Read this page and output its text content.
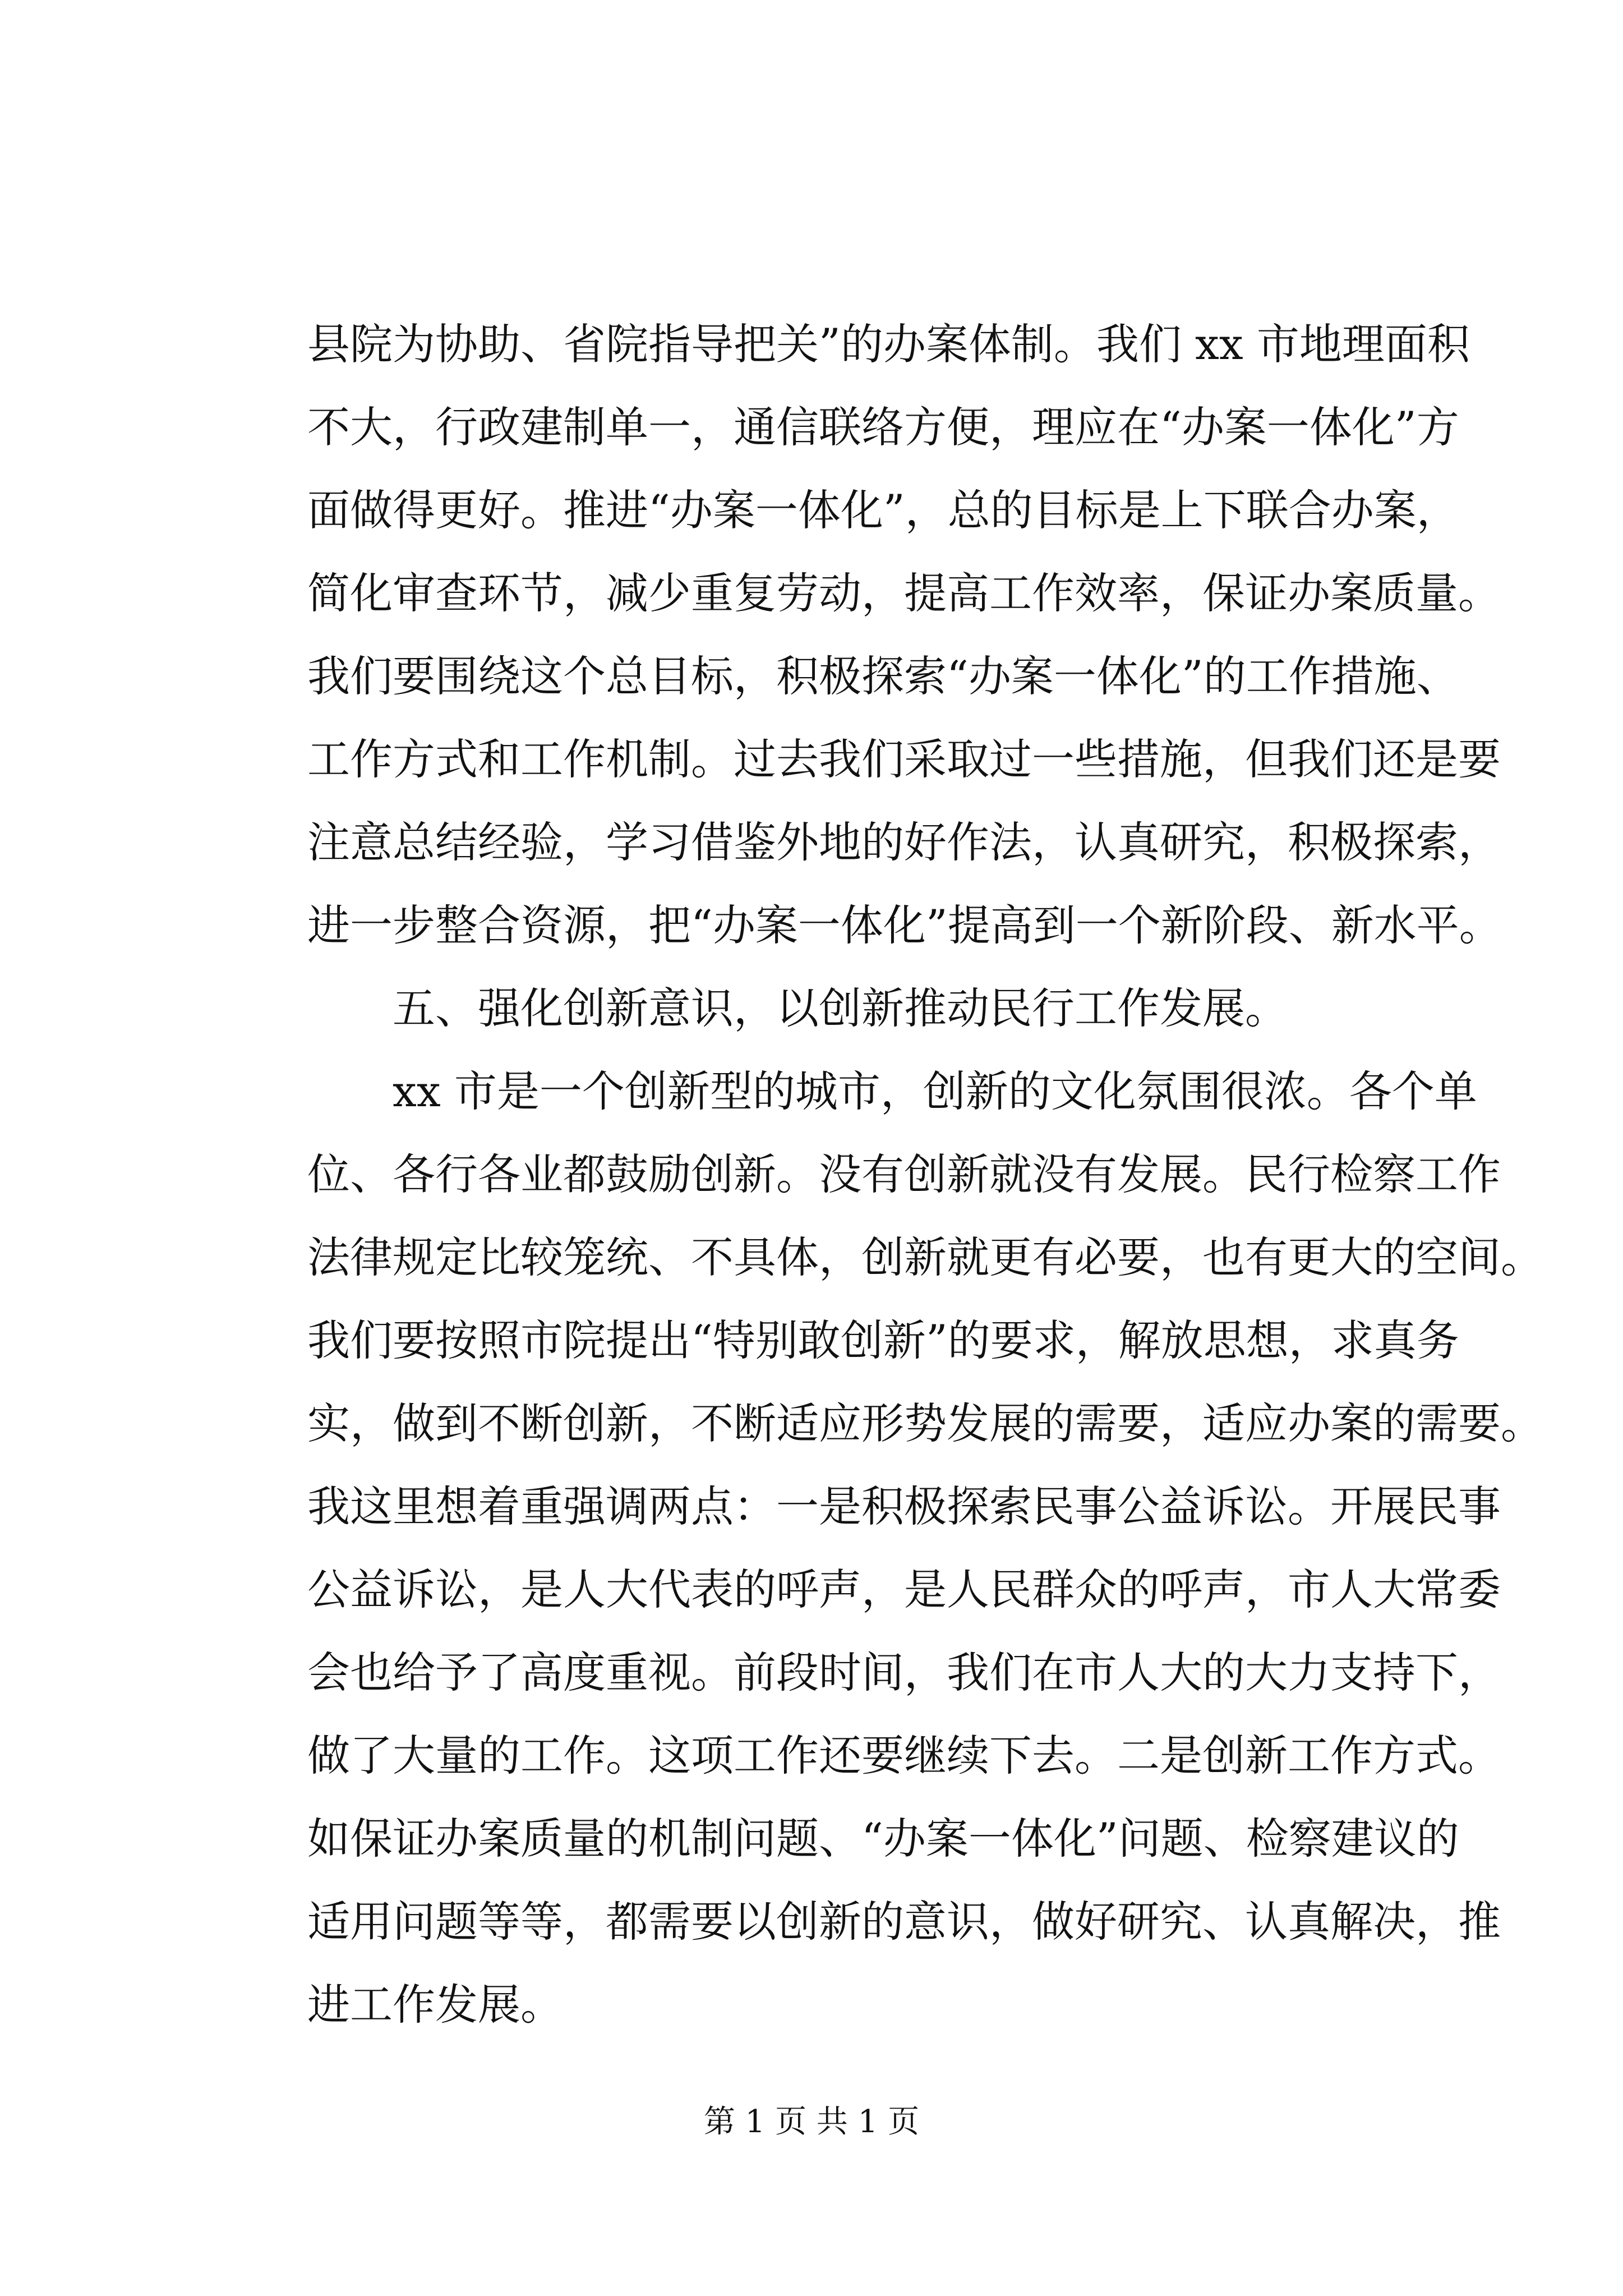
县院为协助、省院指导把关”的办案体制。我们 xx 市地理面积
不大，行政建制单一，通信联络方便，理应在“办案一体化”方
面做得更好。推进“办案一体化”，总的目标是上下联合办案，
简化审查环节，减少重复劳动，提高工作效率，保证办案质量。
我们要围绕这个总目标，积极探索“办案一体化”的工作措施、
工作方式和工作机制。过去我们采取过一些措施，但我们还是要
注意总结经验，学习借鉴外地的好作法，认真研究，积极探索，
进一步整合资源，把“办案一体化”提高到一个新阶段、新水平。
五、强化创新意识，以创新推动民行工作发展。
xx 市是一个创新型的城市，创新的文化氛围很浓。各个单
位、各行各业都鼓励创新。没有创新就没有发展。民行检察工作
法律规定比较笼统、不具体，创新就更有必要，也有更大的空间。
我们要按照市院提出“特别敢创新”的要求，解放思想，求真务
实，做到不断创新，不断适应形势发展的需要，适应办案的需要。
我这里想着重强调两点：一是积极探索民事公益诉讼。开展民事
公益诉讼，是人大代表的呼声，是人民群众的呼声，市人大常委
会也给予了高度重视。前段时间，我们在市人大的大力支持下，
做了大量的工作。这项工作还要继续下去。二是创新工作方式。
如保证办案质量的机制问题、“办案一体化”问题、检察建议的
适用问题等等，都需要以创新的意识，做好研究、认真解决，推
进工作发展。
第 1 页 共 1 页
